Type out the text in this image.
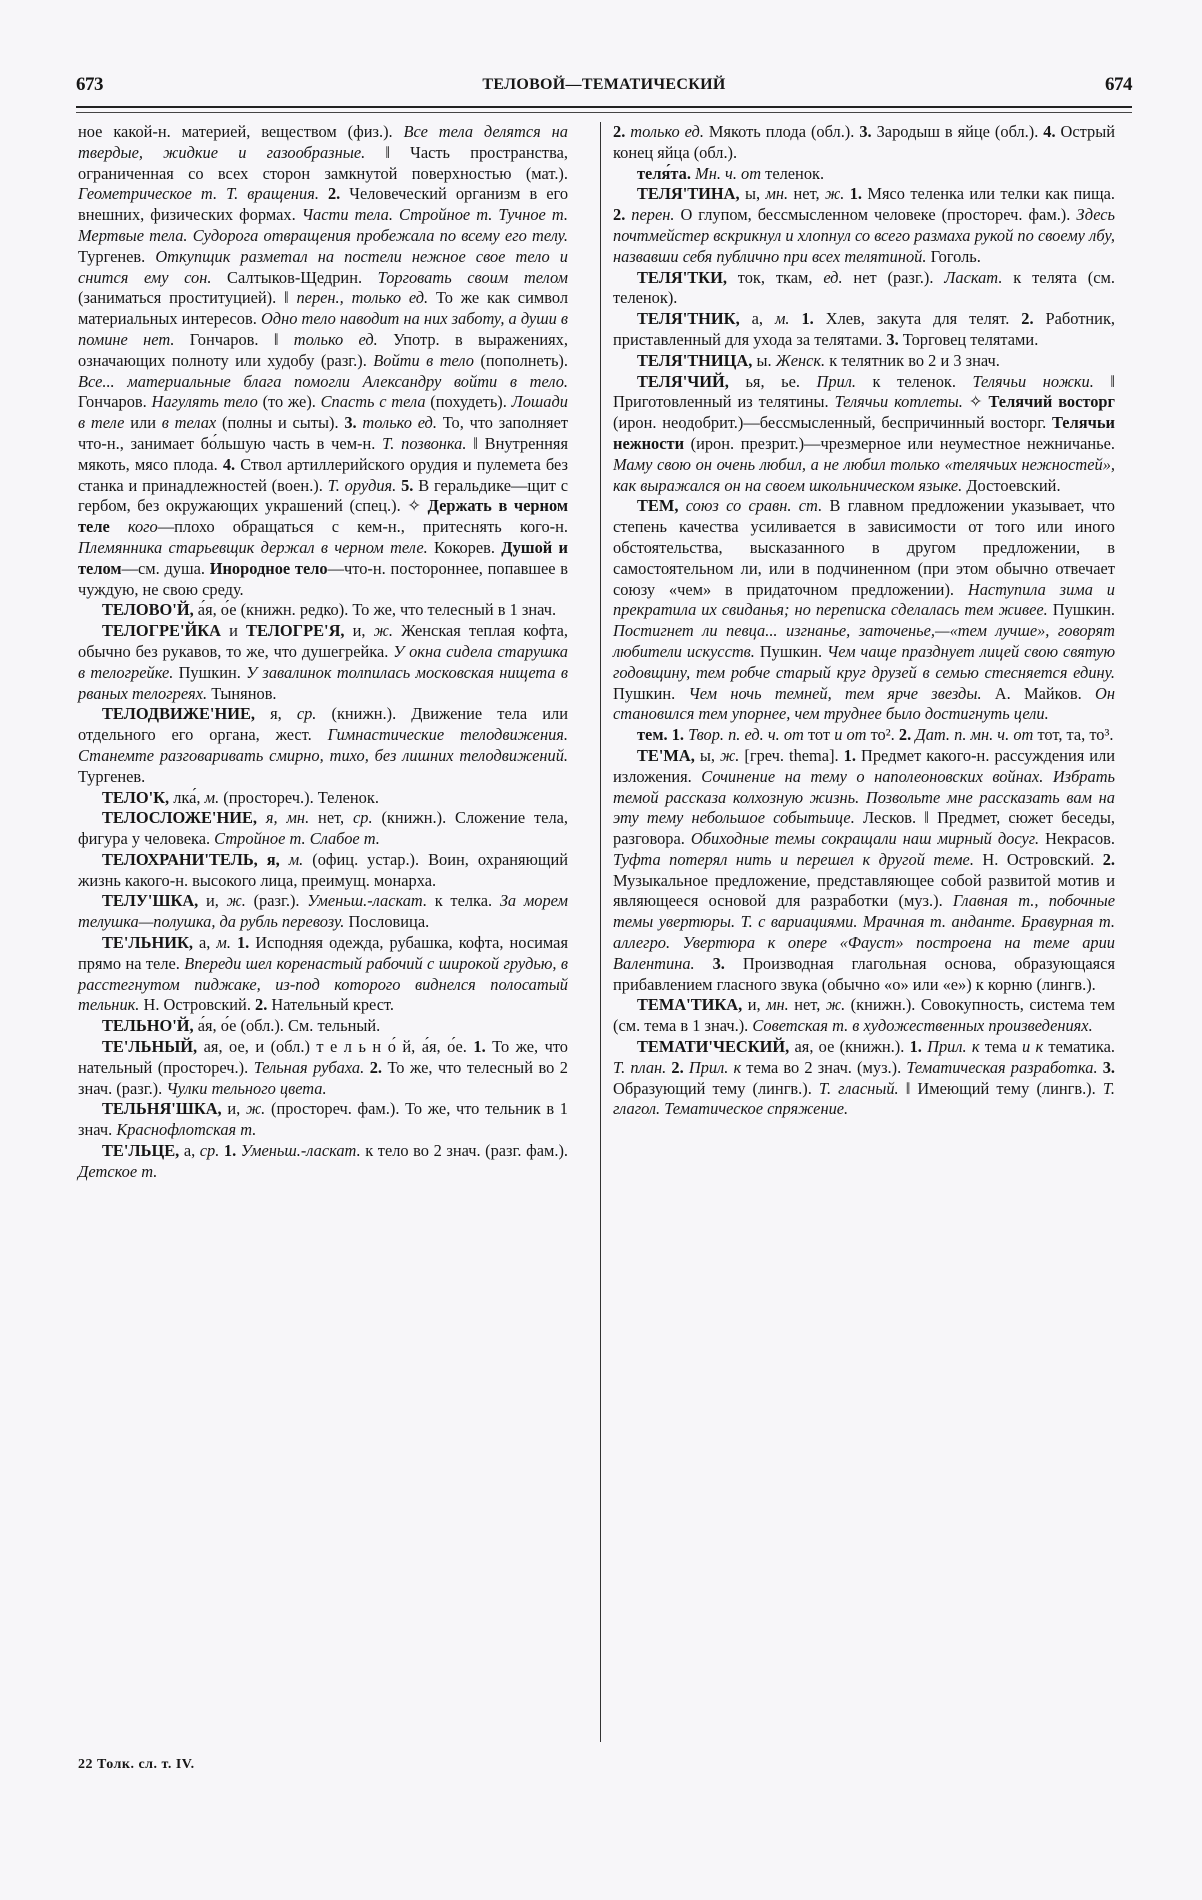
673	ТЕЛОВОЙ—ТЕМАТИЧЕСКИЙ	674

ное какой-н. материей, веществом (физ.). Все тела делятся на твердые, жидкие и газообразные. ‖ Часть пространства, ограниченная со всех сторон замкнутой поверхностью (мат.). Геометрическое т. Т. вращения. 2. Человеческий организм в его внешних, физических формах. Части тела. Стройное т. Тучное т. Мертвые тела. Судорога отвращения пробежала по всему его телу. Тургенев. Откупщик разметал на постели нежное свое тело и снится ему сон. Салтыков-Щедрин. Торговать своим телом (заниматься проституцией). ‖ перен., только ед. То же как символ материальных интересов. Одно тело наводит на них заботу, а души в помине нет. Гончаров. ‖ только ед. Употр. в выражениях, означающих полноту или худобу (разг.). Войти в тело (пополнеть). Все... материальные блага помогли Александру войти в тело. Гончаров. Нагулять тело (то же). Спасть с тела (похудеть). Лошади в теле или в телах (полны и сыты). 3. только ед. То, что заполняет что-н., занимает бо́льшую часть в чем-н. Т. позвонка. ‖ Внутренняя мякоть, мясо плода. 4. Ствол артиллерийского орудия и пулемета без станка и принадлежностей (воен.). Т. орудия. 5. В геральдике—щит с гербом, без окружающих украшений (спец.). ✧ Держать в черном теле кого—плохо обращаться с кем-н., притеснять кого-н. Племянника старьевщик держал в черном теле. Кокорев. Душой и телом—см. душа. Инородное тело—что-н. постороннее, попавшее в чуждую, не свою среду.

ТЕЛОВО'Й, а́я, о́е (книжн. редко). То же, что телесный в 1 знач.

ТЕЛОГРЕ'ЙКА и ТЕЛОГРЕ'Я, и, ж. Женская теплая кофта, обычно без рукавов, то же, что душегрейка. У окна сидела старушка в телогрейке. Пушкин. У завалинок толпилась московская нищета в рваных телогреях. Тынянов.

ТЕЛОДВИЖЕ'НИЕ, я, ср. (книжн.). Движение тела или отдельного его органа, жест. Гимнастические телодвижения. Станемте разговаривать смирно, тихо, без лишних телодвижений. Тургенев.

ТЕЛО'К, лка́, м. (простореч.). Теленок.

ТЕЛОСЛОЖЕ'НИЕ, я, мн. нет, ср. (книжн.). Сложение тела, фигура у человека. Стройное т. Слабое т.

ТЕЛОХРАНИ'ТЕЛЬ, я, м. (офиц. устар.). Воин, охраняющий жизнь какого-н. высокого лица, преимущ. монарха.

ТЕЛУ'ШКА, и, ж. (разг.). Уменьш.-ласкат. к телка. За морем телушка—полушка, да рубль перевозу. Пословица.

ТЕ'ЛЬНИК, а, м. 1. Исподняя одежда, рубашка, кофта, носимая прямо на теле. Впереди шел коренастый рабочий с широкой грудью, в расстегнутом пиджаке, из-под которого виднелся полосатый тельник. Н. Островский. 2. Нательный крест.

ТЕЛЬНО'Й, а́я, о́е (обл.). См. тельный.

ТЕ'ЛЬНЫЙ, ая, ое, и (обл.) т е л ь н о́ й, а́я, о́е. 1. То же, что нательный (простореч.). Тельная рубаха. 2. То же, что телесный во 2 знач. (разг.). Чулки тельного цвета.

ТЕЛЬНЯ'ШКА, и, ж. (простореч. фам.). То же, что тельник в 1 знач. Краснофлотская т.

ТЕ'ЛЬЦЕ, а, ср. 1. Уменьш.-ласкат. к тело во 2 знач. (разг. фам.). Детское т.

2. только ед. Мякоть плода (обл.). 3. Зародыш в яйце (обл.). 4. Острый конец яйца (обл.).

теля́та. Мн. ч. от теленок.

ТЕЛЯ'ТИНА, ы, мн. нет, ж. 1. Мясо теленка или телки как пища. 2. перен. О глупом, бессмысленном человеке (простореч. фам.). Здесь почтмейстер вскрикнул и хлопнул со всего размаха рукой по своему лбу, назвавши себя публично при всех телятиной. Гоголь.

ТЕЛЯ'ТКИ, ток, ткам, ед. нет (разг.). Ласкат. к телята (см. теленок).

ТЕЛЯ'ТНИК, а, м. 1. Хлев, закута для телят. 2. Работник, приставленный для ухода за телятами. 3. Торговец телятами.

ТЕЛЯ'ТНИЦА, ы. Женск. к телятник во 2 и 3 знач.

ТЕЛЯ'ЧИЙ, ья, ье. Прил. к теленок. Телячьи ножки. ‖ Приготовленный из телятины. Телячьи котлеты. ✧ Телячий восторг (ирон. неодобрит.)—бессмысленный, беспричинный восторг. Телячьи нежности (ирон. презрит.)—чрезмерное или неуместное нежничанье. Маму свою он очень любил, а не любил только «телячьих нежностей», как выражался он на своем школьническом языке. Достоевский.

ТЕМ, союз со сравн. ст. В главном предложении указывает, что степень качества усиливается в зависимости от того или иного обстоятельства, высказанного в другом предложении, в самостоятельном ли, или в подчиненном (при этом обычно отвечает союзу «чем» в придаточном предложении). Наступила зима и прекратила их свиданья; но переписка сделалась тем живее. Пушкин. Постигнет ли певца... изгнанье, заточенье,—«тем лучше», говорят любители искусств. Пушкин. Чем чаще празднует лицей свою святую годовщину, тем робче старый круг друзей в семью стесняется едину. Пушкин. Чем ночь темней, тем ярче звезды. А. Майков. Он становился тем упорнее, чем труднее было достигнуть цели.

тем. 1. Твор. п. ед. ч. от тот и от то². 2. Дат. п. мн. ч. от тот, та, то³.

ТЕ'МА, ы, ж. [греч. thema]. 1. Предмет какого-н. рассуждения или изложения. Сочинение на тему о наполеоновских войнах. Избрать темой рассказа колхозную жизнь. Позвольте мне рассказать вам на эту тему небольшое событьице. Лесков. ‖ Предмет, сюжет беседы, разговора. Обиходные темы сокращали наш мирный досуг. Некрасов. Туфта потерял нить и перешел к другой теме. Н. Островский. 2. Музыкальное предложение, представляющее собой развитой мотив и являющееся основой для разработки (муз.). Главная т., побочные темы увертюры. Т. с вариациями. Мрачная т. анданте. Бравурная т. аллегро. Увертюра к опере «Фауст» построена на теме арии Валентина. 3. Производная глагольная основа, образующаяся прибавлением гласного звука (обычно «о» или «е») к корню (лингв.).

ТЕМА'ТИКА, и, мн. нет, ж. (книжн.). Совокупность, система тем (см. тема в 1 знач.). Советская т. в художественных произведениях.

ТЕМАТИ'ЧЕСКИЙ, ая, ое (книжн.). 1. Прил. к тема и к тематика. Т. план. 2. Прил. к тема во 2 знач. (муз.). Тематическая разработка. 3. Образующий тему (лингв.). Т. гласный. ‖ Имеющий тему (лингв.). Т. глагол. Тематическое спряжение.

22 Толк. сл. т. IV.
